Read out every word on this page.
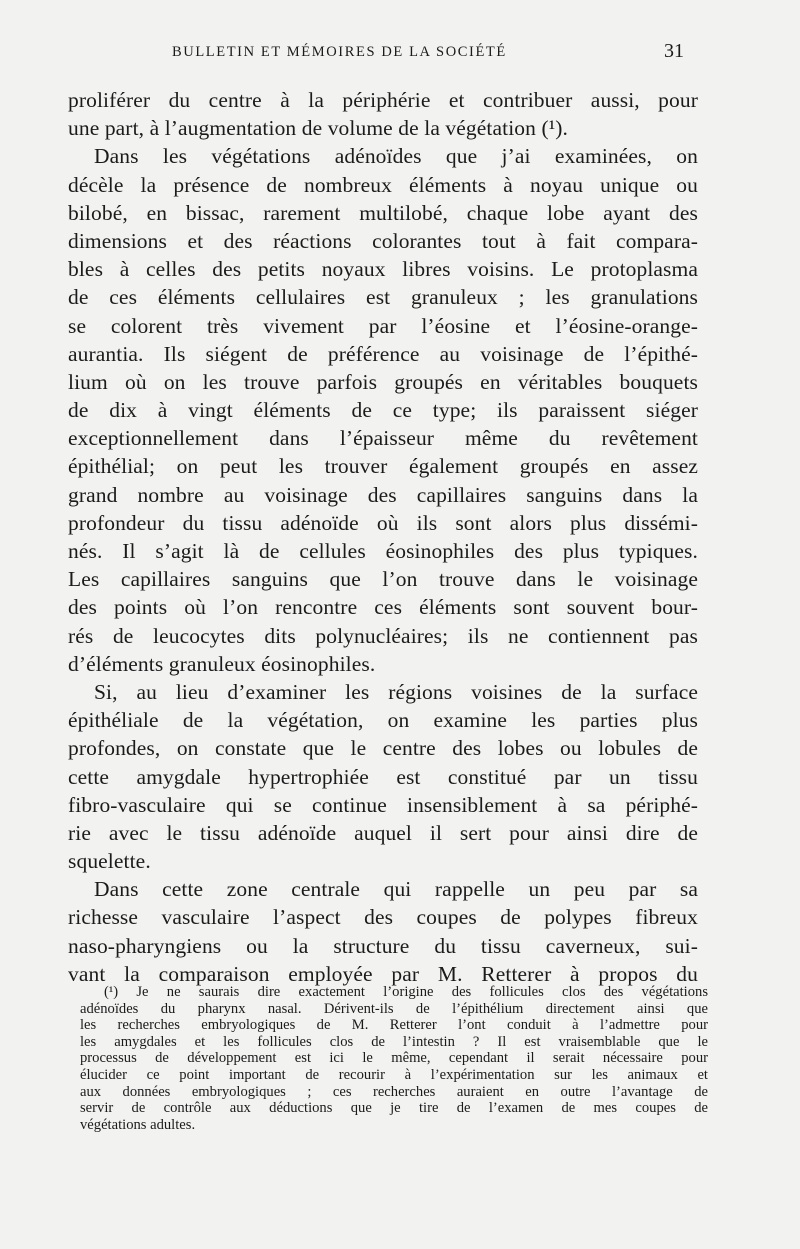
BULLETIN ET MÉMOIRES DE LA SOCIÉTÉ	31
proliférer du centre à la périphérie et contribuer aussi, pour
une part, à l’augmentation de volume de la végétation (¹).
Dans les végétations adénoïdes que j’ai examinées, on
décèle la présence de nombreux éléments à noyau unique ou
bilobé, en bissac, rarement multilobé, chaque lobe ayant des
dimensions et des réactions colorantes tout à fait compara-
bles à celles des petits noyaux libres voisins. Le protoplasma
de ces éléments cellulaires est granuleux ; les granulations
se colorent très vivement par l’éosine et l’éosine-orange-
aurantia. Ils siégent de préférence au voisinage de l’épithé-
lium où on les trouve parfois groupés en véritables bouquets
de dix à vingt éléments de ce type; ils paraissent siéger
exceptionnellement dans l’épaisseur même du revêtement
épithélial; on peut les trouver également groupés en assez
grand nombre au voisinage des capillaires sanguins dans la
profondeur du tissu adénoïde où ils sont alors plus dissémi-
nés. Il s’agit là de cellules éosinophiles des plus typiques.
Les capillaires sanguins que l’on trouve dans le voisinage
des points où l’on rencontre ces éléments sont souvent bour-
rés de leucocytes dits polynucléaires; ils ne contiennent pas
d’éléments granuleux éosinophiles.
Si, au lieu d’examiner les régions voisines de la surface
épithéliale de la végétation, on examine les parties plus
profondes, on constate que le centre des lobes ou lobules de
cette amygdale hypertrophiée est constitué par un tissu
fibro-vasculaire qui se continue insensiblement à sa périphé-
rie avec le tissu adénoïde auquel il sert pour ainsi dire de
squelette.
Dans cette zone centrale qui rappelle un peu par sa
richesse vasculaire l’aspect des coupes de polypes fibreux
naso-pharyngiens ou la structure du tissu caverneux, sui-
vant la comparaison employée par M. Retterer à propos du
(¹) Je ne saurais dire exactement l’origine des follicules clos des végétations
adénoïdes du pharynx nasal. Dérivent-ils de l’épithélium directement ainsi que
les recherches embryologiques de M. Retterer l’ont conduit à l’admettre pour
les amygdales et les follicules clos de l’intestin ? Il est vraisemblable que le
processus de développement est ici le même, cependant il serait nécessaire pour
élucider ce point important de recourir à l’expérimentation sur les animaux et
aux données embryologiques ; ces recherches auraient en outre l’avantage de
servir de contrôle aux déductions que je tire de l’examen de mes coupes de
végétations adultes.
